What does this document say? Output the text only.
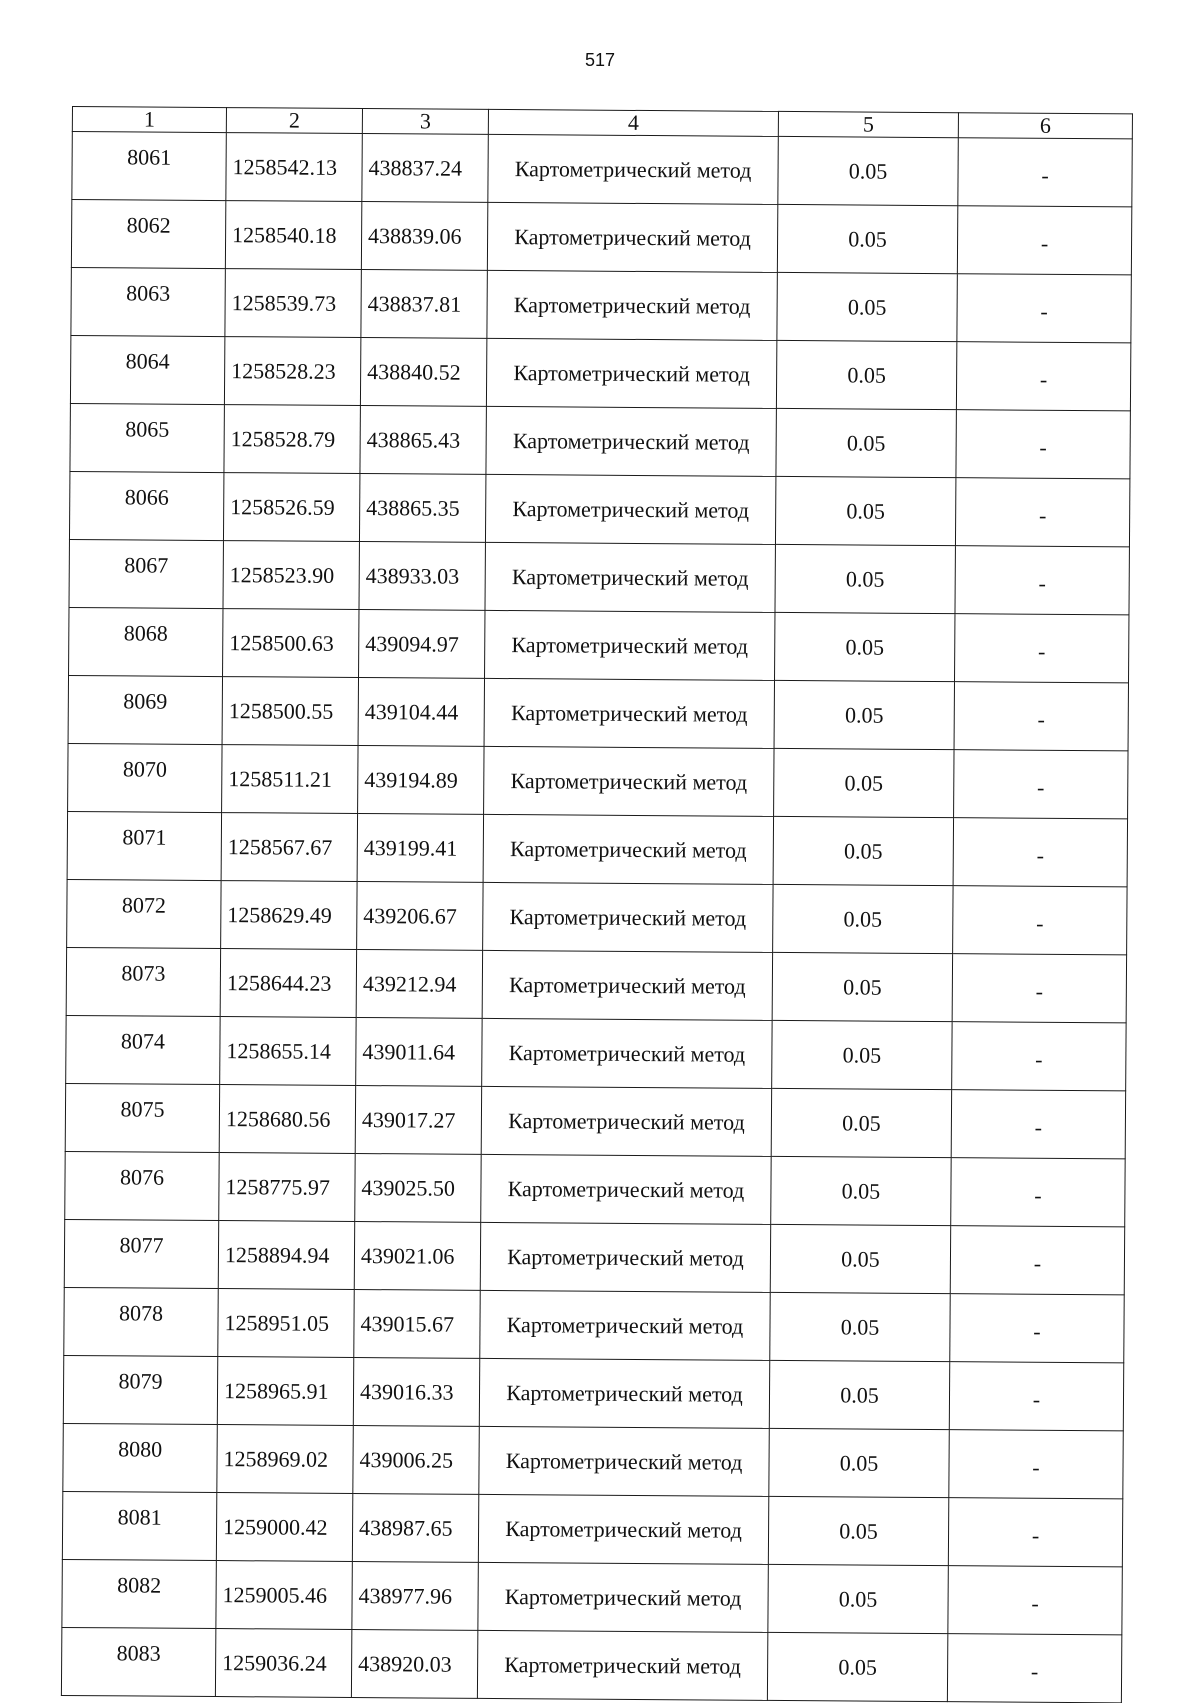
517
1	2	3	4	5	6
8061	1258542.13	438837.24	Картометрический метод	0.05	-
8062	1258540.18	438839.06	Картометрический метод	0.05	-
8063	1258539.73	438837.81	Картометрический метод	0.05	-
8064	1258528.23	438840.52	Картометрический метод	0.05	-
8065	1258528.79	438865.43	Картометрический метод	0.05	-
8066	1258526.59	438865.35	Картометрический метод	0.05	-
8067	1258523.90	438933.03	Картометрический метод	0.05	-
8068	1258500.63	439094.97	Картометрический метод	0.05	-
8069	1258500.55	439104.44	Картометрический метод	0.05	-
8070	1258511.21	439194.89	Картометрический метод	0.05	-
8071	1258567.67	439199.41	Картометрический метод	0.05	-
8072	1258629.49	439206.67	Картометрический метод	0.05	-
8073	1258644.23	439212.94	Картометрический метод	0.05	-
8074	1258655.14	439011.64	Картометрический метод	0.05	-
8075	1258680.56	439017.27	Картометрический метод	0.05	-
8076	1258775.97	439025.50	Картометрический метод	0.05	-
8077	1258894.94	439021.06	Картометрический метод	0.05	-
8078	1258951.05	439015.67	Картометрический метод	0.05	-
8079	1258965.91	439016.33	Картометрический метод	0.05	-
8080	1258969.02	439006.25	Картометрический метод	0.05	-
8081	1259000.42	438987.65	Картометрический метод	0.05	-
8082	1259005.46	438977.96	Картометрический метод	0.05	-
8083	1259036.24	438920.03	Картометрический метод	0.05	-
